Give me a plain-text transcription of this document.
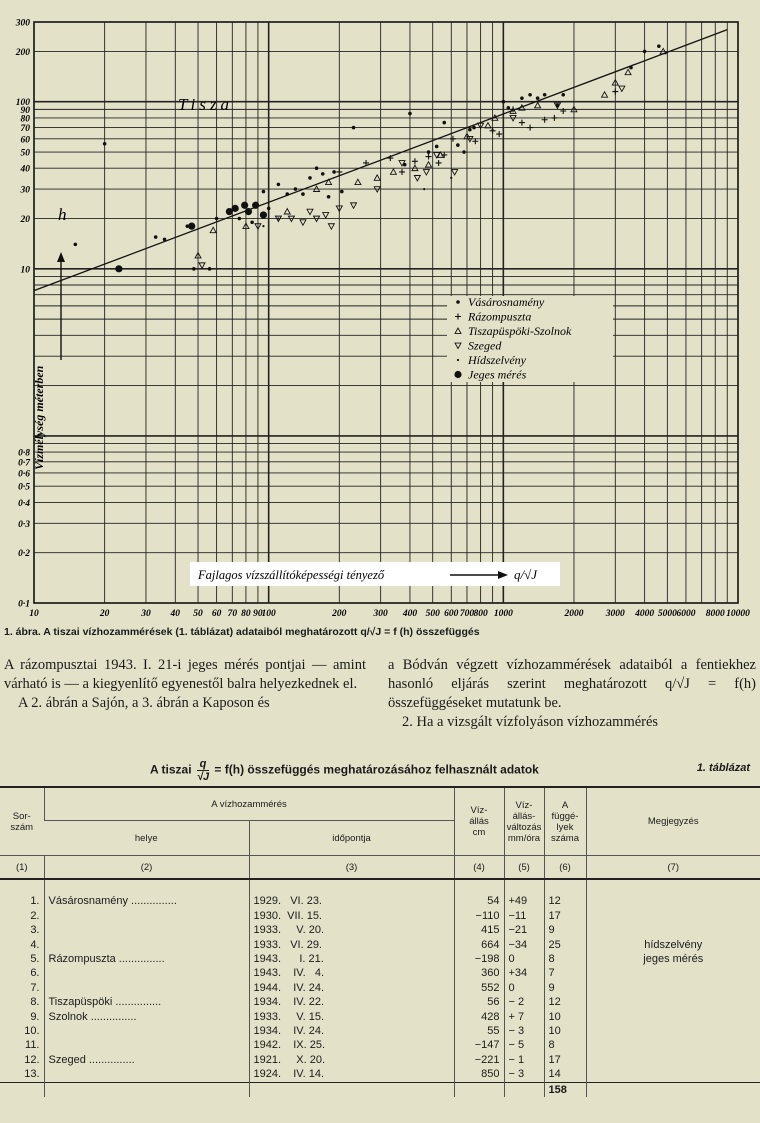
10	20	30 40 50 60 70 80 90
100	200	300 400 500 600 700 800 1000	2000 3000 4000 5000 6000 8000 10000
0·1
0·2
0·3
0·4
0·5
0·6
0·7
0·8
10
20
30
40
50
60
70
80
90
100
200
300
Tisza
Vízmélység méterben
h
Fajlagos vízszállítóképességi tényező	q/√J
Vásárosnamény
Rázompuszta
Tiszapüspöki-Szolnok
Szeged
Hídszelvény
Jeges mérés
1. ábra. A tiszai vízhozammérések (1. táblázat) adataiból meghatározott q/√J = f (h) összefüggés

A rázompusztai 1943. I. 21-i jeges mérés pontjai — amint várható is — a kiegyenlítő egyenestől balra helyezkednek el.

A 2. ábrán a Sajón, a 3. ábrán a Kaposon és

a Bódván végzett vízhozammérések adataiból a fentiekhez hasonló eljárás szerint meghatározott q/√J = f(h) összefüggéseket mutatunk be.

2. Ha a vizsgált vízfolyáson vízhozammérés

A tiszai $\frac{q}{√J} = f(h)$ összefüggés meghatározásához felhasznált adatok	1. táblázat
Sor-
szám	A vízhozammérés		Víz-
állás
cm	Víz-
állás-
változás
mm/óra	A
függé-
lyek
száma	Megjegyzés
	helye	időpontja				
(1)	(2)	(3)	(4)	(5)	(6)	(7)

1.	Vásárosnamény ...............	1929.   VI. 23.	54	+49	12	
2.		1930.  VII. 15.	−110	−11	17	
3.		1933.     V. 20.	415	−21	9	
4.		1933.   VI. 29.	664	−34	25	hídszelvény
5.	Rázompuszta ...............	1943.      I. 21.	−198	0	8	jeges mérés
6.		1943.    IV.   4.	360	+34	7	
7.		1944.    IV. 24.	552	0	9	
8.	Tiszapüspöki ...............	1934.    IV. 22.	56	− 2	12	
9.	Szolnok ...............	1933.     V. 15.	428	+ 7	10	
10.		1934.    IV. 24.	55	− 3	10	
11.		1942.    IX. 25.	−147	− 5	8	
12.	Szeged ...............	1921.     X. 20.	−221	− 1	17	
13.		1924.    IV. 14.	850	− 3	14	
					158	
